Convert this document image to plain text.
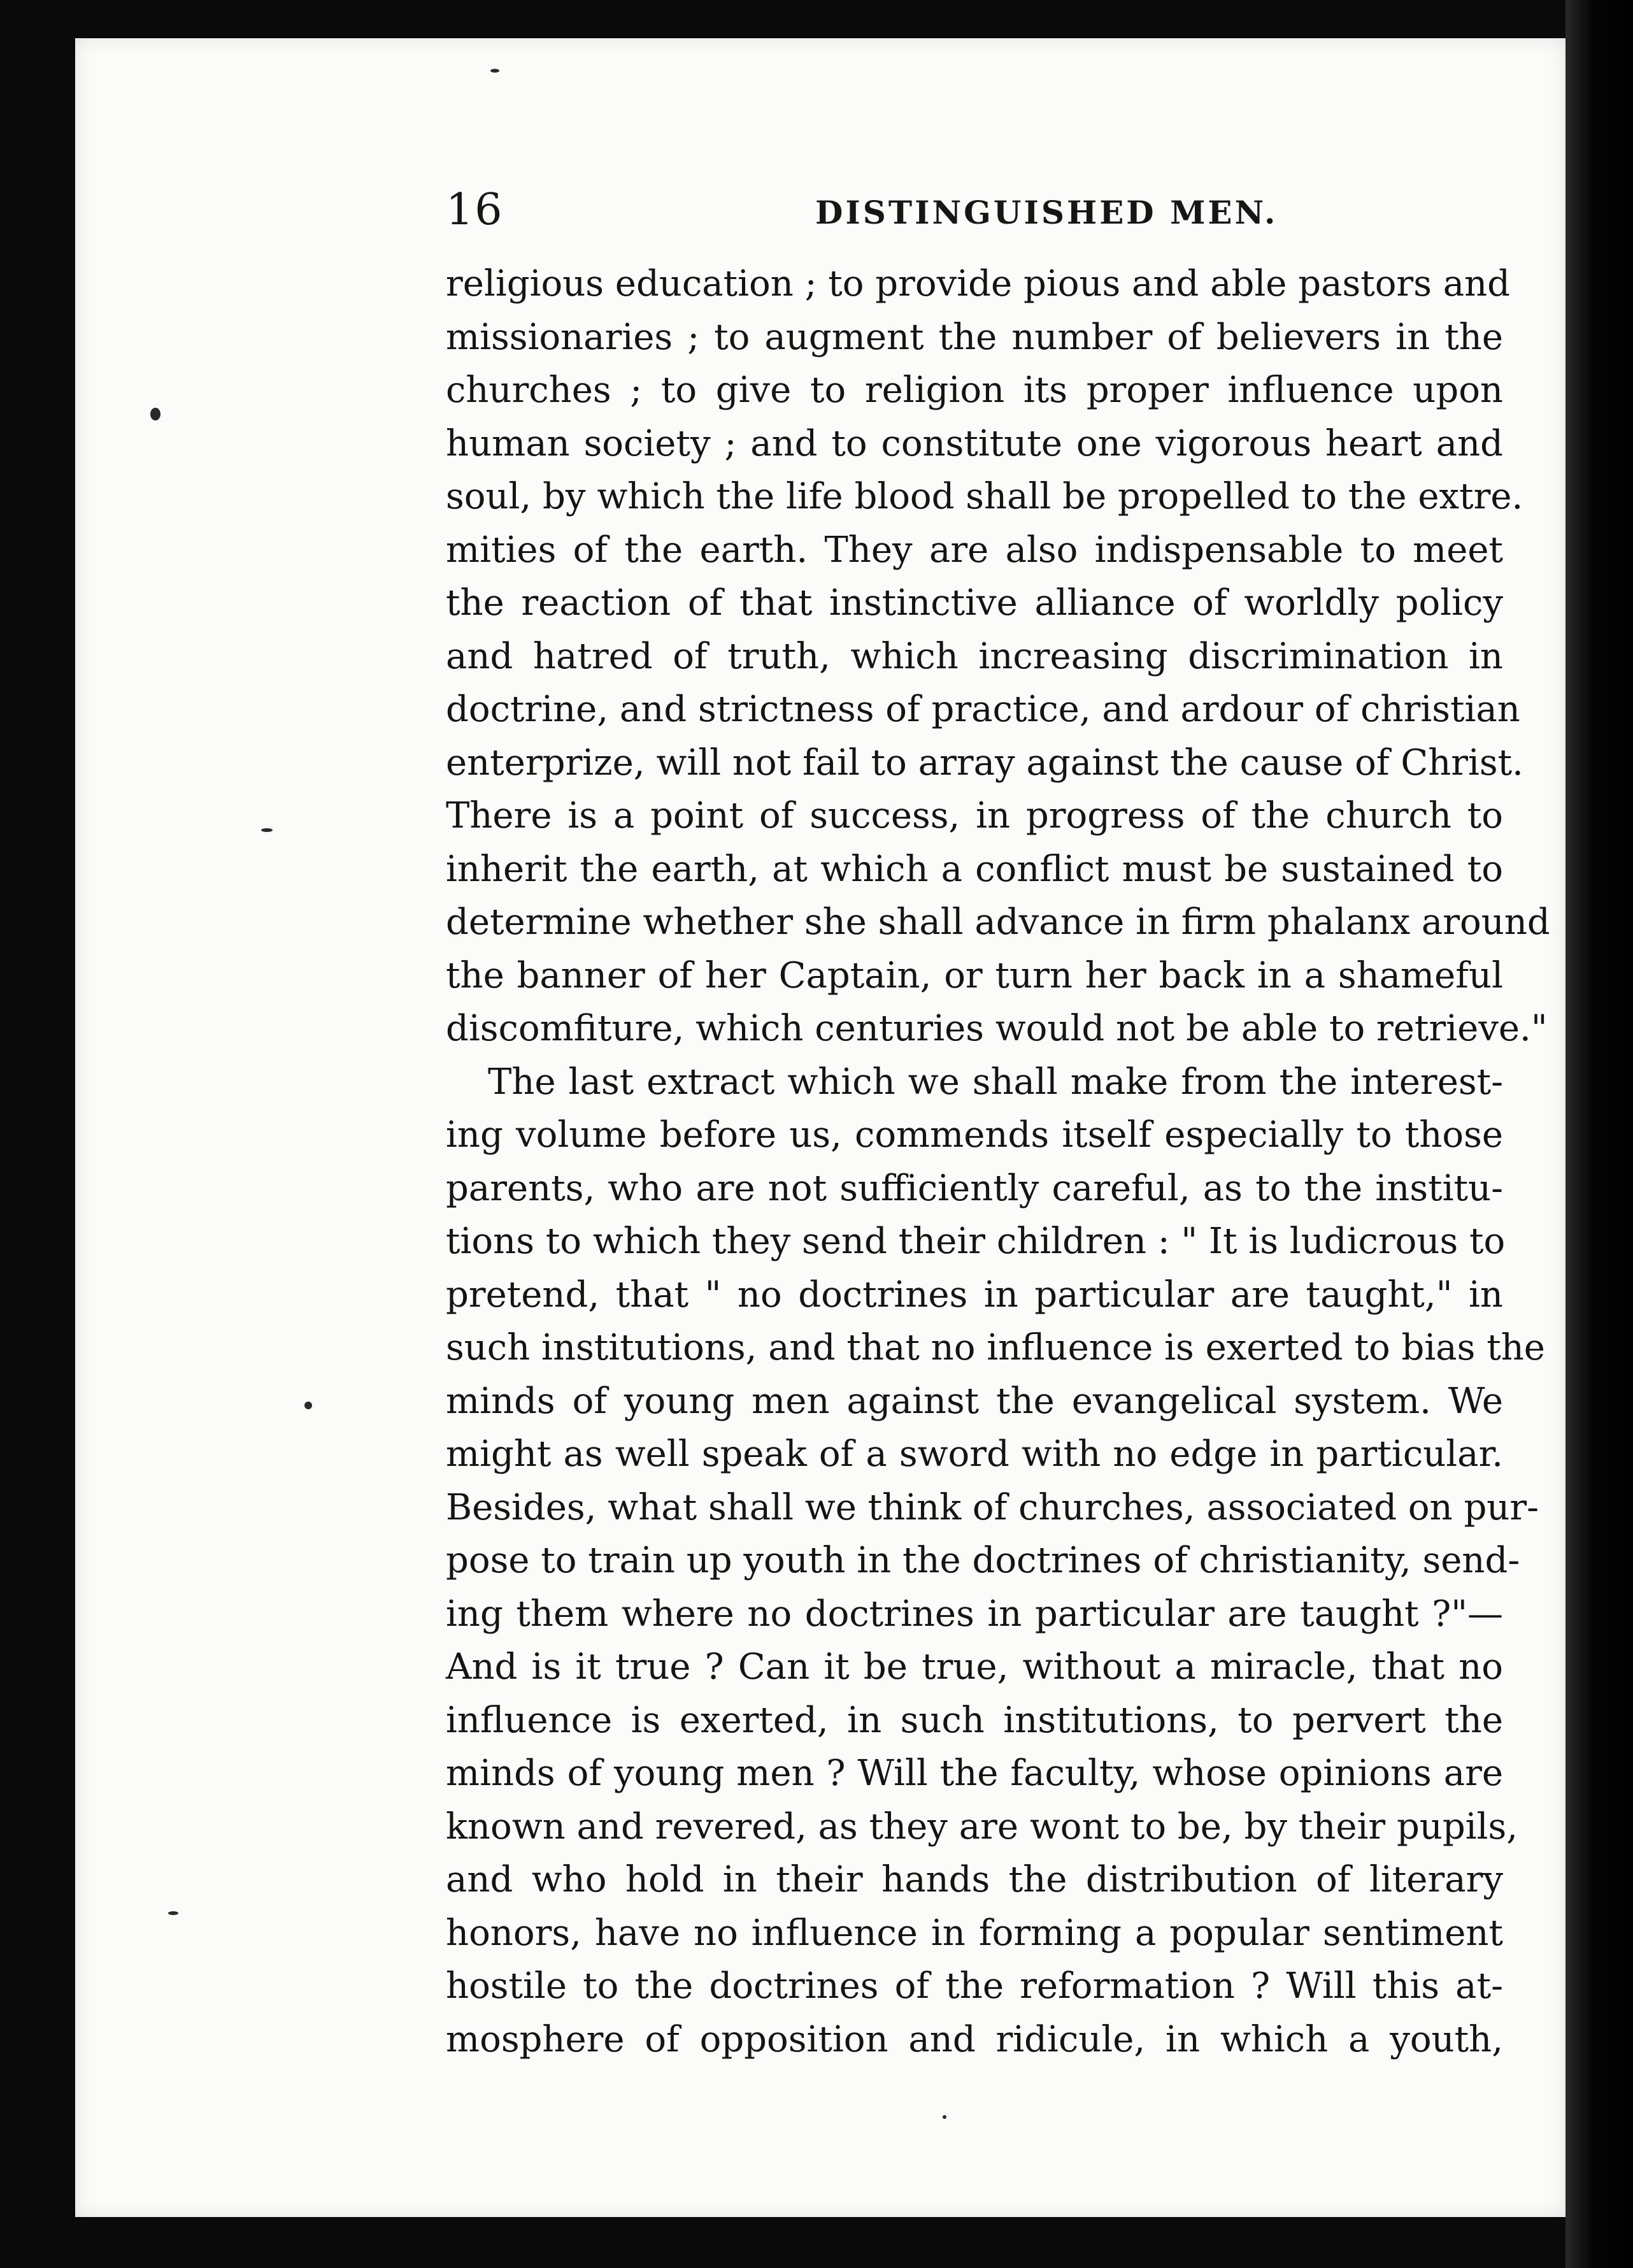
16	DISTINGUISHED MEN.
religious education ; to provide pious and able pastors and
missionaries ; to augment the number of believers in the
churches ; to give to religion its proper influence upon
human society ; and to constitute one vigorous heart and
soul, by which the life blood shall be propelled to the extre.
mities of the earth. They are also indispensable to meet
the reaction of that instinctive alliance of worldly policy
and hatred of truth, which increasing discrimination in
doctrine, and strictness of practice, and ardour of christian
enterprize, will not fail to array against the cause of Christ.
There is a point of success, in progress of the church to
inherit the earth, at which a conflict must be sustained to
determine whether she shall advance in firm phalanx around
the banner of her Captain, or turn her back in a shameful
discomfiture, which centuries would not be able to retrieve."
The last extract which we shall make from the interest-
ing volume before us, commends itself especially to those
parents, who are not sufficiently careful, as to the institu-
tions to which they send their children : " It is ludicrous to
pretend, that " no doctrines in particular are taught," in
such institutions, and that no influence is exerted to bias the
minds of young men against the evangelical system. We
might as well speak of a sword with no edge in particular.
Besides, what shall we think of churches, associated on pur-
pose to train up youth in the doctrines of christianity, send-
ing them where no doctrines in particular are taught ?"—
And is it true ? Can it be true, without a miracle, that no
influence is exerted, in such institutions, to pervert the
minds of young men ? Will the faculty, whose opinions are
known and revered, as they are wont to be, by their pupils,
and who hold in their hands the distribution of literary
honors, have no influence in forming a popular sentiment
hostile to the doctrines of the reformation ? Will this at-
mosphere of opposition and ridicule, in which a youth,
